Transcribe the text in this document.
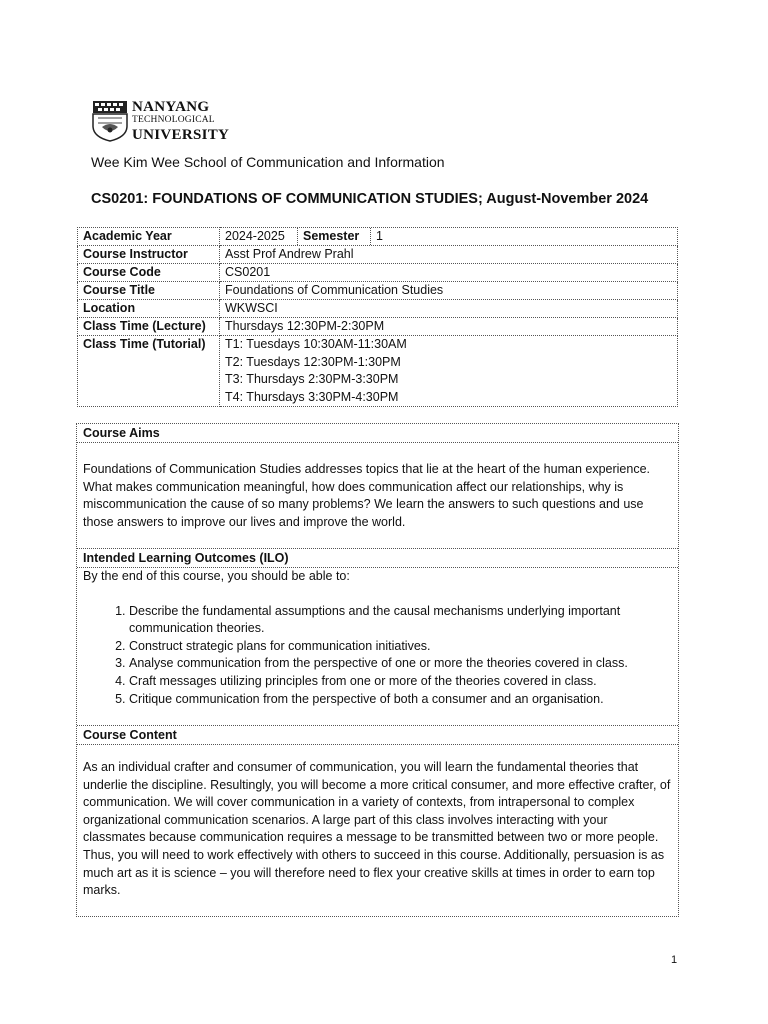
NANYANG
TECHNOLOGICAL
UNIVERSITY
Wee Kim Wee School of Communication and Information
CS0201: FOUNDATIONS OF COMMUNICATION STUDIES; August-November 2024
Academic Year	2024-2025 Semester 1

Course Instructor	Asst Prof Andrew Prahl
Course Code	CS0201
Course Title	Foundations of Communication Studies
Location	WKWSCI
Class Time (Lecture)	Thursdays 12:30PM-2:30PM
Class Time (Tutorial)	T1: Tuesdays 10:30AM-11:30AM
T2: Tuesdays 12:30PM-1:30PM
T3: Thursdays 2:30PM-3:30PM
T4: Thursdays 3:30PM-4:30PM
Course Aims
Foundations of Communication Studies addresses topics that lie at the heart of the human experience. What makes communication meaningful, how does communication affect our relationships, why is miscommunication the cause of so many problems? We learn the answers to such questions and use those answers to improve our lives and improve the world.
Intended Learning Outcomes (ILO)
By the end of this course, you should be able to:
1. Describe the fundamental assumptions and the causal mechanisms underlying important communication theories.
2. Construct strategic plans for communication initiatives.
3. Analyse communication from the perspective of one or more the theories covered in class.
4. Craft messages utilizing principles from one or more of the theories covered in class.
5. Critique communication from the perspective of both a consumer and an organisation.
Course Content
As an individual crafter and consumer of communication, you will learn the fundamental theories that underlie the discipline. Resultingly, you will become a more critical consumer, and more effective crafter, of communication. We will cover communication in a variety of contexts, from intrapersonal to complex organizational communication scenarios. A large part of this class involves interacting with your classmates because communication requires a message to be transmitted between two or more people. Thus, you will need to work effectively with others to succeed in this course. Additionally, persuasion is as much art as it is science – you will therefore need to flex your creative skills at times in order to earn top marks.
1
